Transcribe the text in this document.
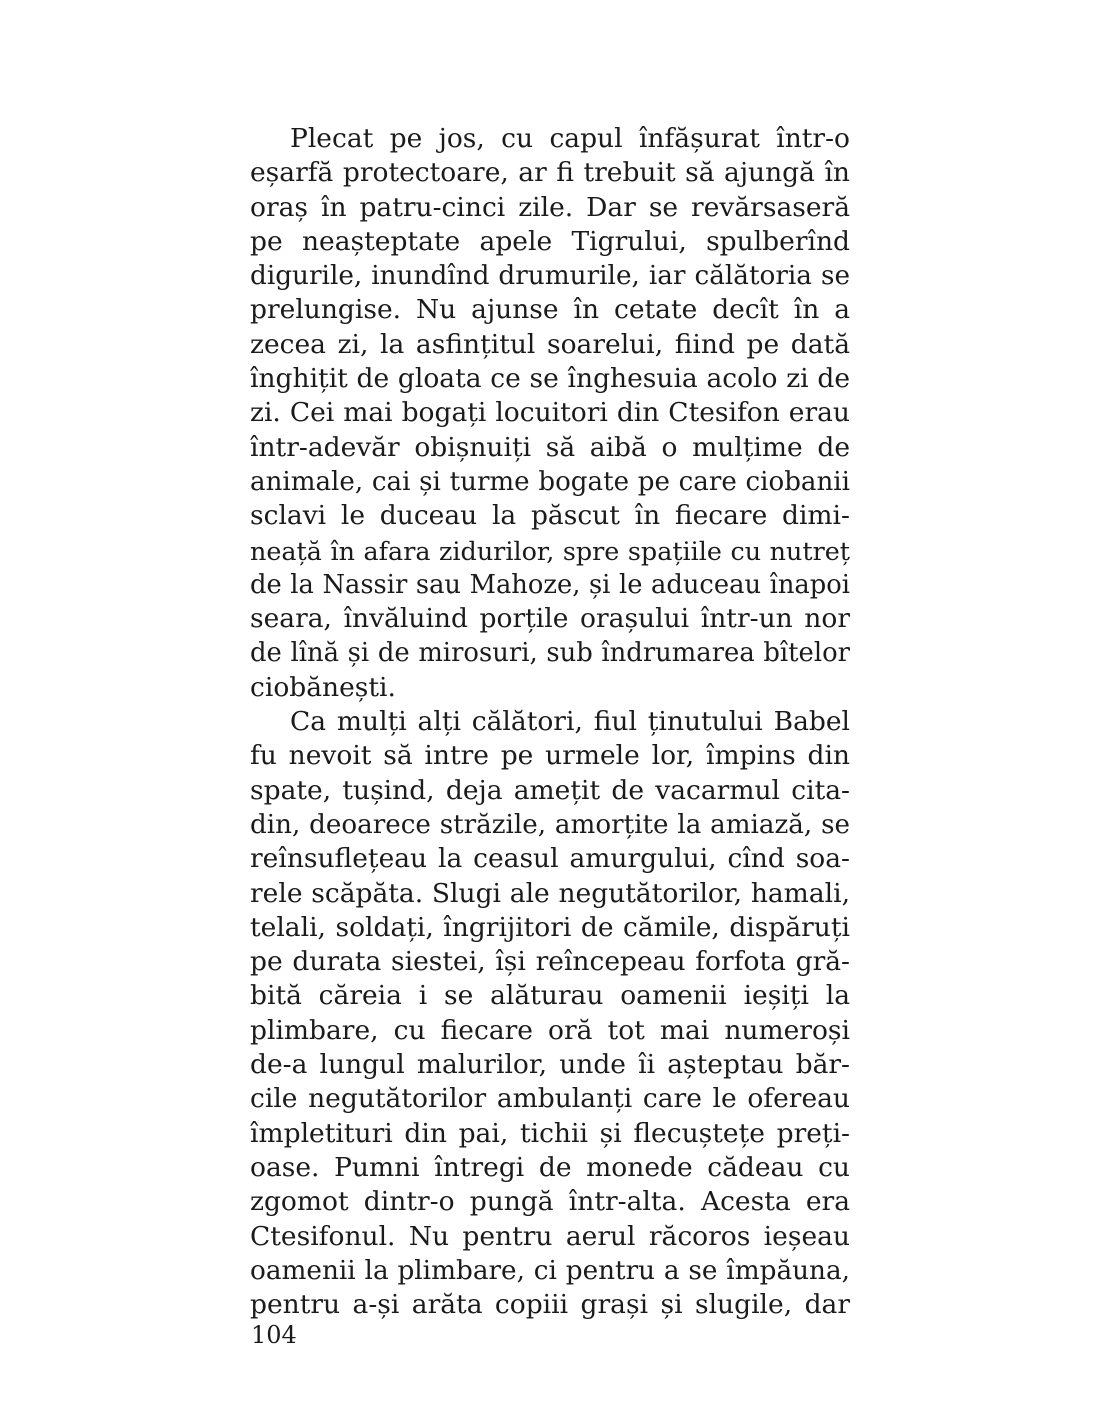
Plecat pe jos, cu capul înfășurat într-o
eșarfă protectoare, ar fi trebuit să ajungă în
oraș în patru-cinci zile. Dar se revărsaseră
pe neașteptate apele Tigrului, spulberînd
digurile, inundînd drumurile, iar călătoria se
prelungise. Nu ajunse în cetate decît în a
zecea zi, la asfințitul soarelui, fiind pe dată
înghițit de gloata ce se înghesuia acolo zi de
zi. Cei mai bogați locuitori din Ctesifon erau
într-adevăr obișnuiți să aibă o mulțime de
animale, cai și turme bogate pe care ciobanii
sclavi le duceau la păscut în fiecare dimi-
neață în afara zidurilor, spre spațiile cu nutreț
de la Nassir sau Mahoze, și le aduceau înapoi
seara, învăluind porțile orașului într-un nor
de lînă și de mirosuri, sub îndrumarea bîtelor
ciobănești.
Ca mulți alți călători, fiul ținutului Babel
fu nevoit să intre pe urmele lor, împins din
spate, tușind, deja amețit de vacarmul cita-
din, deoarece străzile, amorțite la amiază, se
reînsuflețeau la ceasul amurgului, cînd soa-
rele scăpăta. Slugi ale negutătorilor, hamali,
telali, soldați, îngrijitori de cămile, dispăruți
pe durata siestei, își reîncepeau forfota gră-
bită căreia i se alăturau oamenii ieșiți la
plimbare, cu fiecare oră tot mai numeroși
de-a lungul malurilor, unde îi așteptau băr-
cile negutătorilor ambulanți care le ofereau
împletituri din pai, tichii și flecuștețe preți-
oase. Pumni întregi de monede cădeau cu
zgomot dintr-o pungă într-alta. Acesta era
Ctesifonul. Nu pentru aerul răcoros ieșeau
oamenii la plimbare, ci pentru a se împăuna,
pentru a-și arăta copiii grași și slugile, dar
104
